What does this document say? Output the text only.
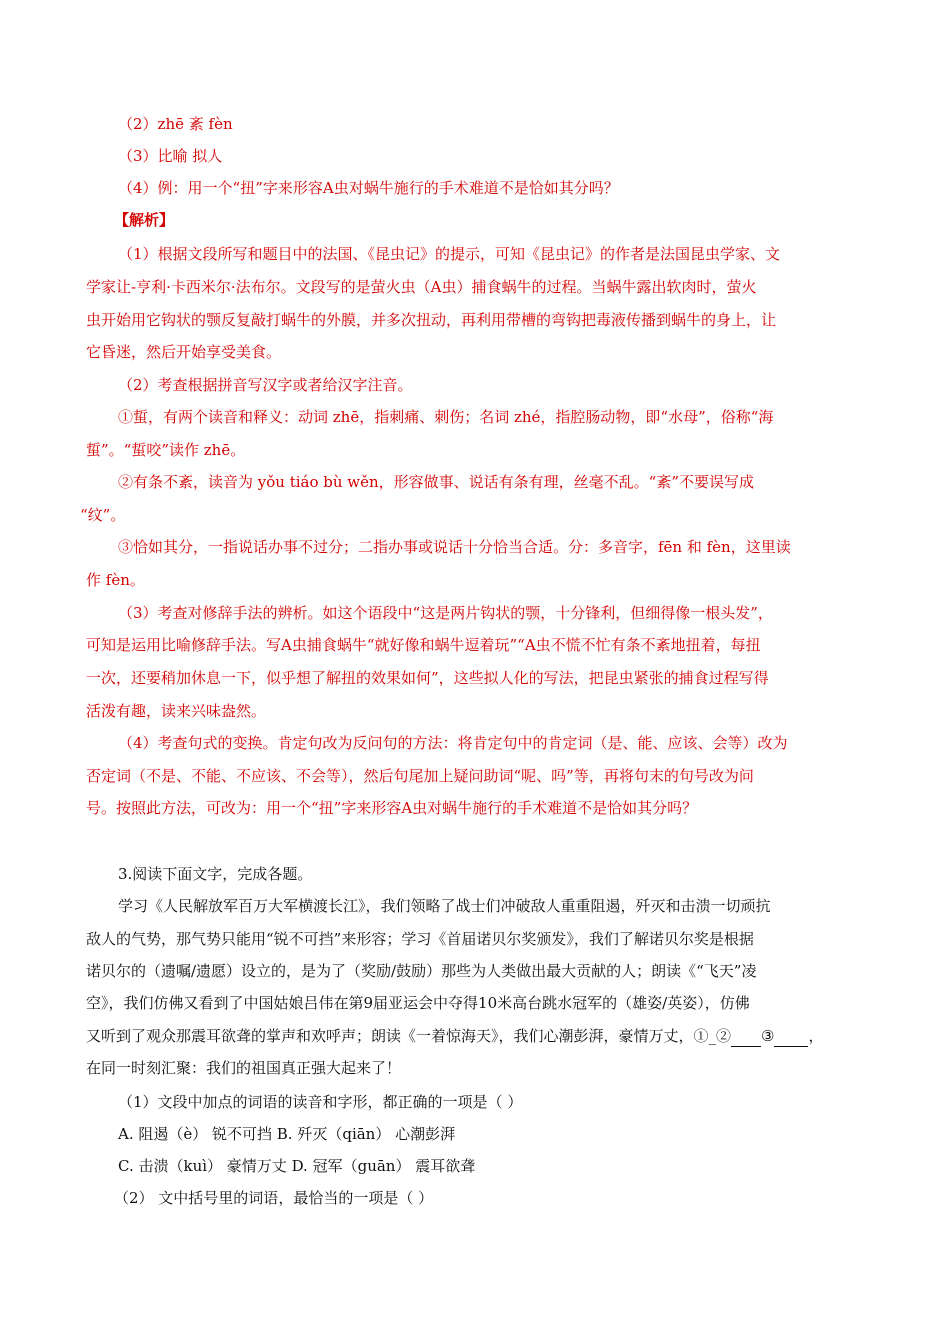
（2）zhē 紊 fèn
（3）比喻 拟人
（4）例：用一个“扭”字来形容A虫对蜗牛施行的手术难道不是恰如其分吗？
【解析】
（1）根据文段所写和题目中的法国、《昆虫记》的提示，可知《昆虫记》的作者是法国昆虫学家、文
学家让-亨利·卡西米尔·法布尔。文段写的是萤火虫（A虫）捕食蜗牛的过程。当蜗牛露出软肉时，萤火
虫开始用它钩状的颚反复敲打蜗牛的外膜，并多次扭动，再利用带槽的弯钩把毒液传播到蜗牛的身上，让
它昏迷，然后开始享受美食。
（2）考查根据拼音写汉字或者给汉字注音。
①蜇，有两个读音和释义：动词 zhē，指刺痛、刺伤；名词 zhé，指腔肠动物，即“水母”，俗称“海
蜇”。“蜇咬”读作 zhē。
②有条不紊，读音为 yǒu tiáo bù wěn，形容做事、说话有条有理，丝毫不乱。“紊”不要误写成
“纹”。
③恰如其分，一指说话办事不过分；二指办事或说话十分恰当合适。分：多音字，fēn 和 fèn，这里读
作 fèn。
（3）考查对修辞手法的辨析。如这个语段中“这是两片钩状的颚，十分锋利，但细得像一根头发”，
可知是运用比喻修辞手法。写A虫捕食蜗牛“就好像和蜗牛逗着玩”“A虫不慌不忙有条不紊地扭着，每扭
一次，还要稍加休息一下，似乎想了解扭的效果如何”，这些拟人化的写法，把昆虫紧张的捕食过程写得
活泼有趣，读来兴味盎然。
（4）考查句式的变换。肯定句改为反问句的方法：将肯定句中的肯定词（是、能、应该、会等）改为
否定词（不是、不能、不应该、不会等），然后句尾加上疑问助词“呢、吗”等，再将句末的句号改为问
号。按照此方法，可改为：用一个“扭”字来形容A虫对蜗牛施行的手术难道不是恰如其分吗？
3.阅读下面文字，完成各题。
学习《人民解放军百万大军横渡长江》，我们领略了战士们冲破敌人重重阻遏，歼灭和击溃一切顽抗
敌人的气势，那气势只能用“锐不可挡”来形容；学习《首届诺贝尔奖颁发》，我们了解诺贝尔奖是根据
诺贝尔的（遗嘱/遗愿）设立的，是为了（奖励/鼓励）那些为人类做出最大贡献的人；朗读《“飞天”凌
空》，我们仿佛又看到了中国姑娘吕伟在第9届亚运会中夺得10米高台跳水冠军的（雄姿/英姿），仿佛
又听到了观众那震耳欲聋的掌声和欢呼声；朗读《一着惊海天》，我们心潮彭湃，豪情万丈，①_② ③ ，
在同一时刻汇聚：我们的祖国真正强大起来了！
（1）文段中加点的词语的读音和字形，都正确的一项是（ ）
A. 阻遏（è） 锐不可挡 B. 歼灭（qiān） 心潮彭湃
C. 击溃（kuì） 豪情万丈 D. 冠军（guān） 震耳欲聋
（2） 文中括号里的词语，最恰当的一项是（ ）
